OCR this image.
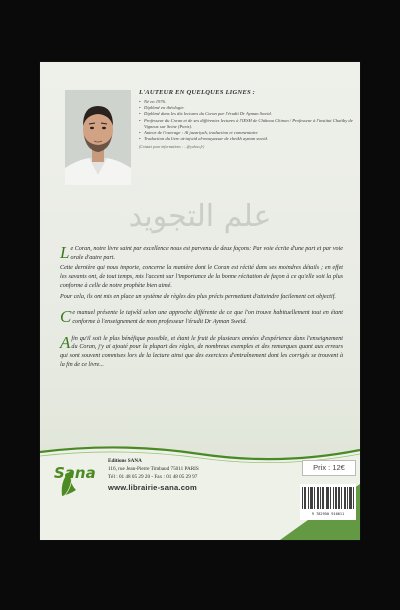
L'AUTEUR EN QUELQUES LIGNES :
• Né en 1976.
• Diplômé en théologie.
• Diplômé dans les dix lectures du Coran par l'érudit Dr Ayman Sweid.
• Professeur du Coran et de ses différentes lectures à l'IESH de Château Chinon / Professeur à l'institut Chatiby de Vigneux sur Seine (Paris).
• Auteur de l'ouvrage : Al jazariyah, traduction et commentaire
• Traduction du livre at-tajwid al-mouyassar de cheikh ayman sweid.
(Contact pour informations : ...@yahoo.fr)
علم التجويد

Le Coran, notre livre saint par excellence nous est parvenu de deux façons: Par voie écrite d'une part et par voie orale d'autre part.

Cette dernière qui nous importe, concerne la manière dont le Coran est récité dans ses moindres détails ; en effet les savants ont, de tout temps, mis l'accent sur l'importance de la bonne récitation de façon à ce qu'elle soit la plus conforme à celle de notre prophète bien aimé.

Pour cela, ils ont mis en place un système de règles des plus précis permettant d'atteindre facilement cet objectif.

Ce manuel présente le tajwîd selon une approche différente de ce que l'on trouve habituellement tout en étant conforme à l'enseignement de mon professeur l'érudit Dr Ayman Sweid.

Afin qu'il soit le plus bénéfique possible, et étant le fruit de plusieurs années d'expérience dans l'enseignement du Coran, j'y ai ajouté pour la plupart des règles, de nombreux exemples et des remarques quant aux erreurs qui sont souvent commises lors de la lecture ainsi que des exercices d'entraînement dont les corrigés se trouvent à la fin de ce livre...

Sana
Editions SANA
116, rue Jean-Pierre Timbaud 75011 PARIS
Tél : 01 48 05 29 20 - Fax : 01 48 05 29 97
www.librairie-sana.com
Prix : 12€
9 782950 910611
